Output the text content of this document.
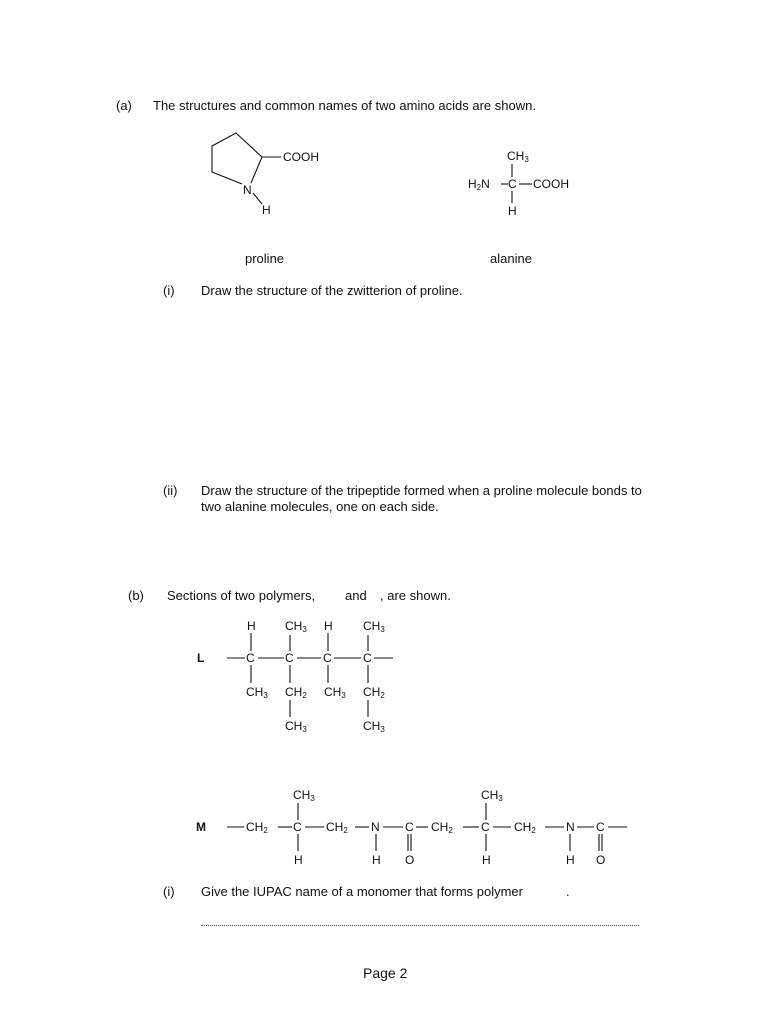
(a) The structures and common names of two amino acids are shown.
COOH
N
H
proline
$CH_3$
$H_2N$ C COOH
H
alanine
(i) Draw the structure of the zwitterion of proline.
(ii) Draw the structure of the tripeptide formed when a proline molecule bonds to
two alanine molecules, one on each side.
(b) Sections of two polymers, and , are shown.
L
H $CH_3$ H	$CH_3$
C	C C	C
$CH_3$ $CH_2$ $CH_3$ $CH_2$
$CH_3$	$CH_3$
M
$CH_3$	$CH_3$
$CH_2$ C $CH_2$ N C $CH_2$ C $CH_2$	N C
H	H O	H	H O
(i) Give the IUPAC name of a monomer that forms polymer	.
Page 2
